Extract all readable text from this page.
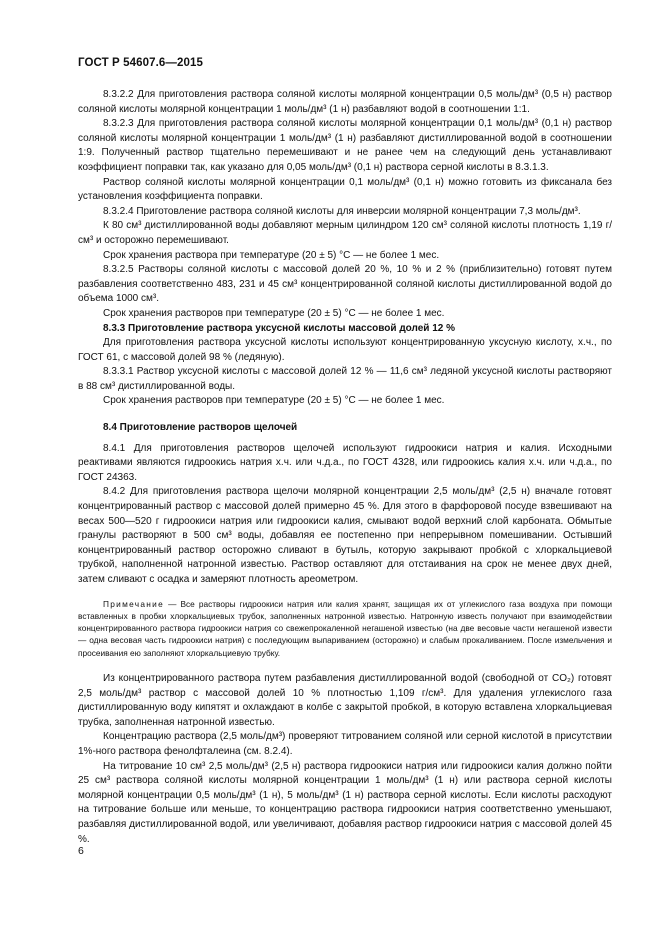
ГОСТ Р 54607.6—2015

8.3.2.2 Для приготовления раствора соляной кислоты молярной концентрации 0,5 моль/дм³ (0,5 н) раствор соляной кислоты молярной концентрации 1 моль/дм³ (1 н) разбавляют водой в соотношении 1:1.

8.3.2.3 Для приготовления раствора соляной кислоты молярной концентрации 0,1 моль/дм³ (0,1 н) раствор соляной кислоты молярной концентрации 1 моль/дм³ (1 н) разбавляют дистиллированной водой в соотношении 1:9. Полученный раствор тщательно перемешивают и не ранее чем на следующий день устанавливают коэффициент поправки так, как указано для 0,05 моль/дм³ (0,1 н) раствора серной кислоты в 8.3.1.3.

Раствор соляной кислоты молярной концентрации 0,1 моль/дм³ (0,1 н) можно готовить из фиксанала без установления коэффициента поправки.

8.3.2.4 Приготовление раствора соляной кислоты для инверсии молярной концентрации 7,3 моль/дм³.

К 80 см³ дистиллированной воды добавляют мерным цилиндром 120 см³ соляной кислоты плотность 1,19 г/см³ и осторожно перемешивают.

Срок хранения раствора при температуре (20 ± 5) °С — не более 1 мес.

8.3.2.5 Растворы соляной кислоты с массовой долей 20 %, 10 % и 2 % (приблизительно) готовят путем разбавления соответственно 483, 231 и 45 см³ концентрированной соляной кислоты дистиллированной водой до объема 1000 см³.

Срок хранения растворов при температуре (20 ± 5) °С — не более 1 мес.

8.3.3 Приготовление раствора уксусной кислоты массовой долей 12 %

Для приготовления раствора уксусной кислоты используют концентрированную уксусную кислоту, х.ч., по ГОСТ 61, с массовой долей 98 % (ледяную).

8.3.3.1 Раствор уксусной кислоты с массовой долей 12 % — 11,6 см³ ледяной уксусной кислоты растворяют в 88 см³ дистиллированной воды.

Срок хранения растворов при температуре (20 ± 5) °С — не более 1 мес.

8.4 Приготовление растворов щелочей

8.4.1 Для приготовления растворов щелочей используют гидроокиси натрия и калия. Исходными реактивами являются гидроокись натрия х.ч. или ч.д.а., по ГОСТ 4328, или гидроокись калия х.ч. или ч.д.а., по ГОСТ 24363.

8.4.2 Для приготовления раствора щелочи молярной концентрации 2,5 моль/дм³ (2,5 н) вначале готовят концентрированный раствор с массовой долей примерно 45 %. Для этого в фарфоровой посуде взвешивают на весах 500—520 г гидроокиси натрия или гидроокиси калия, смывают водой верхний слой карбоната. Обмытые гранулы растворяют в 500 см³ воды, добавляя ее постепенно при непрерывном помешивании. Остывший концентрированный раствор осторожно сливают в бутыль, которую закрывают пробкой с хлоркальциевой трубкой, наполненной натронной известью. Раствор оставляют для отстаивания на срок не менее двух дней, затем сливают с осадка и замеряют плотность ареометром.

Примечание — Все растворы гидроокиси натрия или калия хранят, защищая их от углекислого газа воздуха при помощи вставленных в пробки хлоркальциевых трубок, заполненных натронной известью. Натронную известь получают при взаимодействии концентрированного раствора гидроокиси натрия со свежепрокаленной негашеной известью (на две весовые части негашеной извести — одна весовая часть гидроокиси натрия) с последующим выпариванием (осторожно) и слабым прокаливанием. После измельчения и просеивания ею заполняют хлоркальциевую трубку.

Из концентрированного раствора путем разбавления дистиллированной водой (свободной от CO₂) готовят 2,5 моль/дм³ раствор с массовой долей 10 % плотностью 1,109 г/см³. Для удаления углекислого газа дистиллированную воду кипятят и охлаждают в колбе с закрытой пробкой, в которую вставлена хлоркальциевая трубка, заполненная натронной известью.

Концентрацию раствора (2,5 моль/дм³) проверяют титрованием соляной или серной кислотой в присутствии 1%-ного раствора фенолфталеина (см. 8.2.4).

На титрование 10 см³ 2,5 моль/дм³ (2,5 н) раствора гидроокиси натрия или гидроокиси калия должно пойти 25 см³ раствора соляной кислоты молярной концентрации 1 моль/дм³ (1 н) или раствора серной кислоты молярной концентрации 0,5 моль/дм³ (1 н), 5 моль/дм³ (1 н) раствора серной кислоты. Если кислоты расходуют на титрование больше или меньше, то концентрацию раствора гидроокиси натрия соответственно уменьшают, разбавляя дистиллированной водой, или увеличивают, добавляя раствор гидроокиси натрия с массовой долей 45 %.

6
